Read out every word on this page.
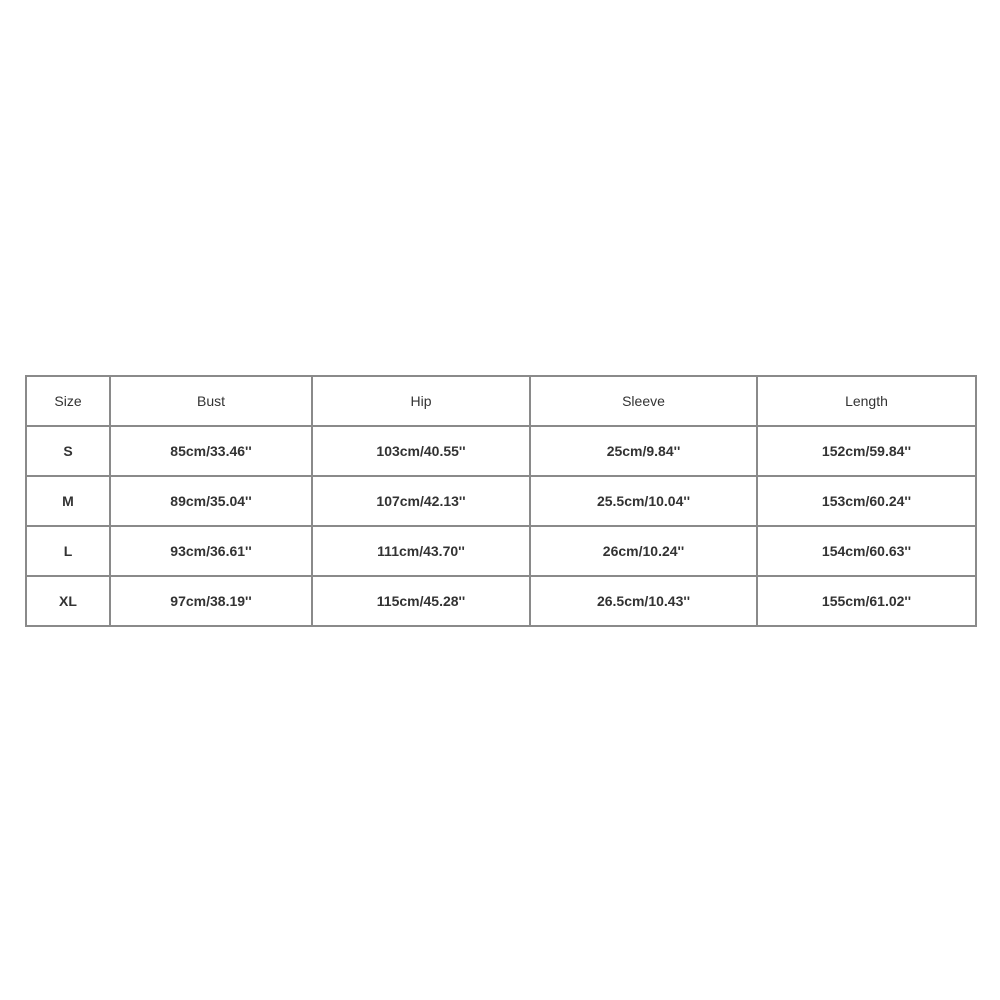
Size	Bust	Hip	Sleeve	Length
S	85cm/33.46''	103cm/40.55''	25cm/9.84''	152cm/59.84''
M	89cm/35.04''	107cm/42.13''	25.5cm/10.04''	153cm/60.24''
L	93cm/36.61''	111cm/43.70''	26cm/10.24''	154cm/60.63''
XL	97cm/38.19''	115cm/45.28''	26.5cm/10.43''	155cm/61.02''
